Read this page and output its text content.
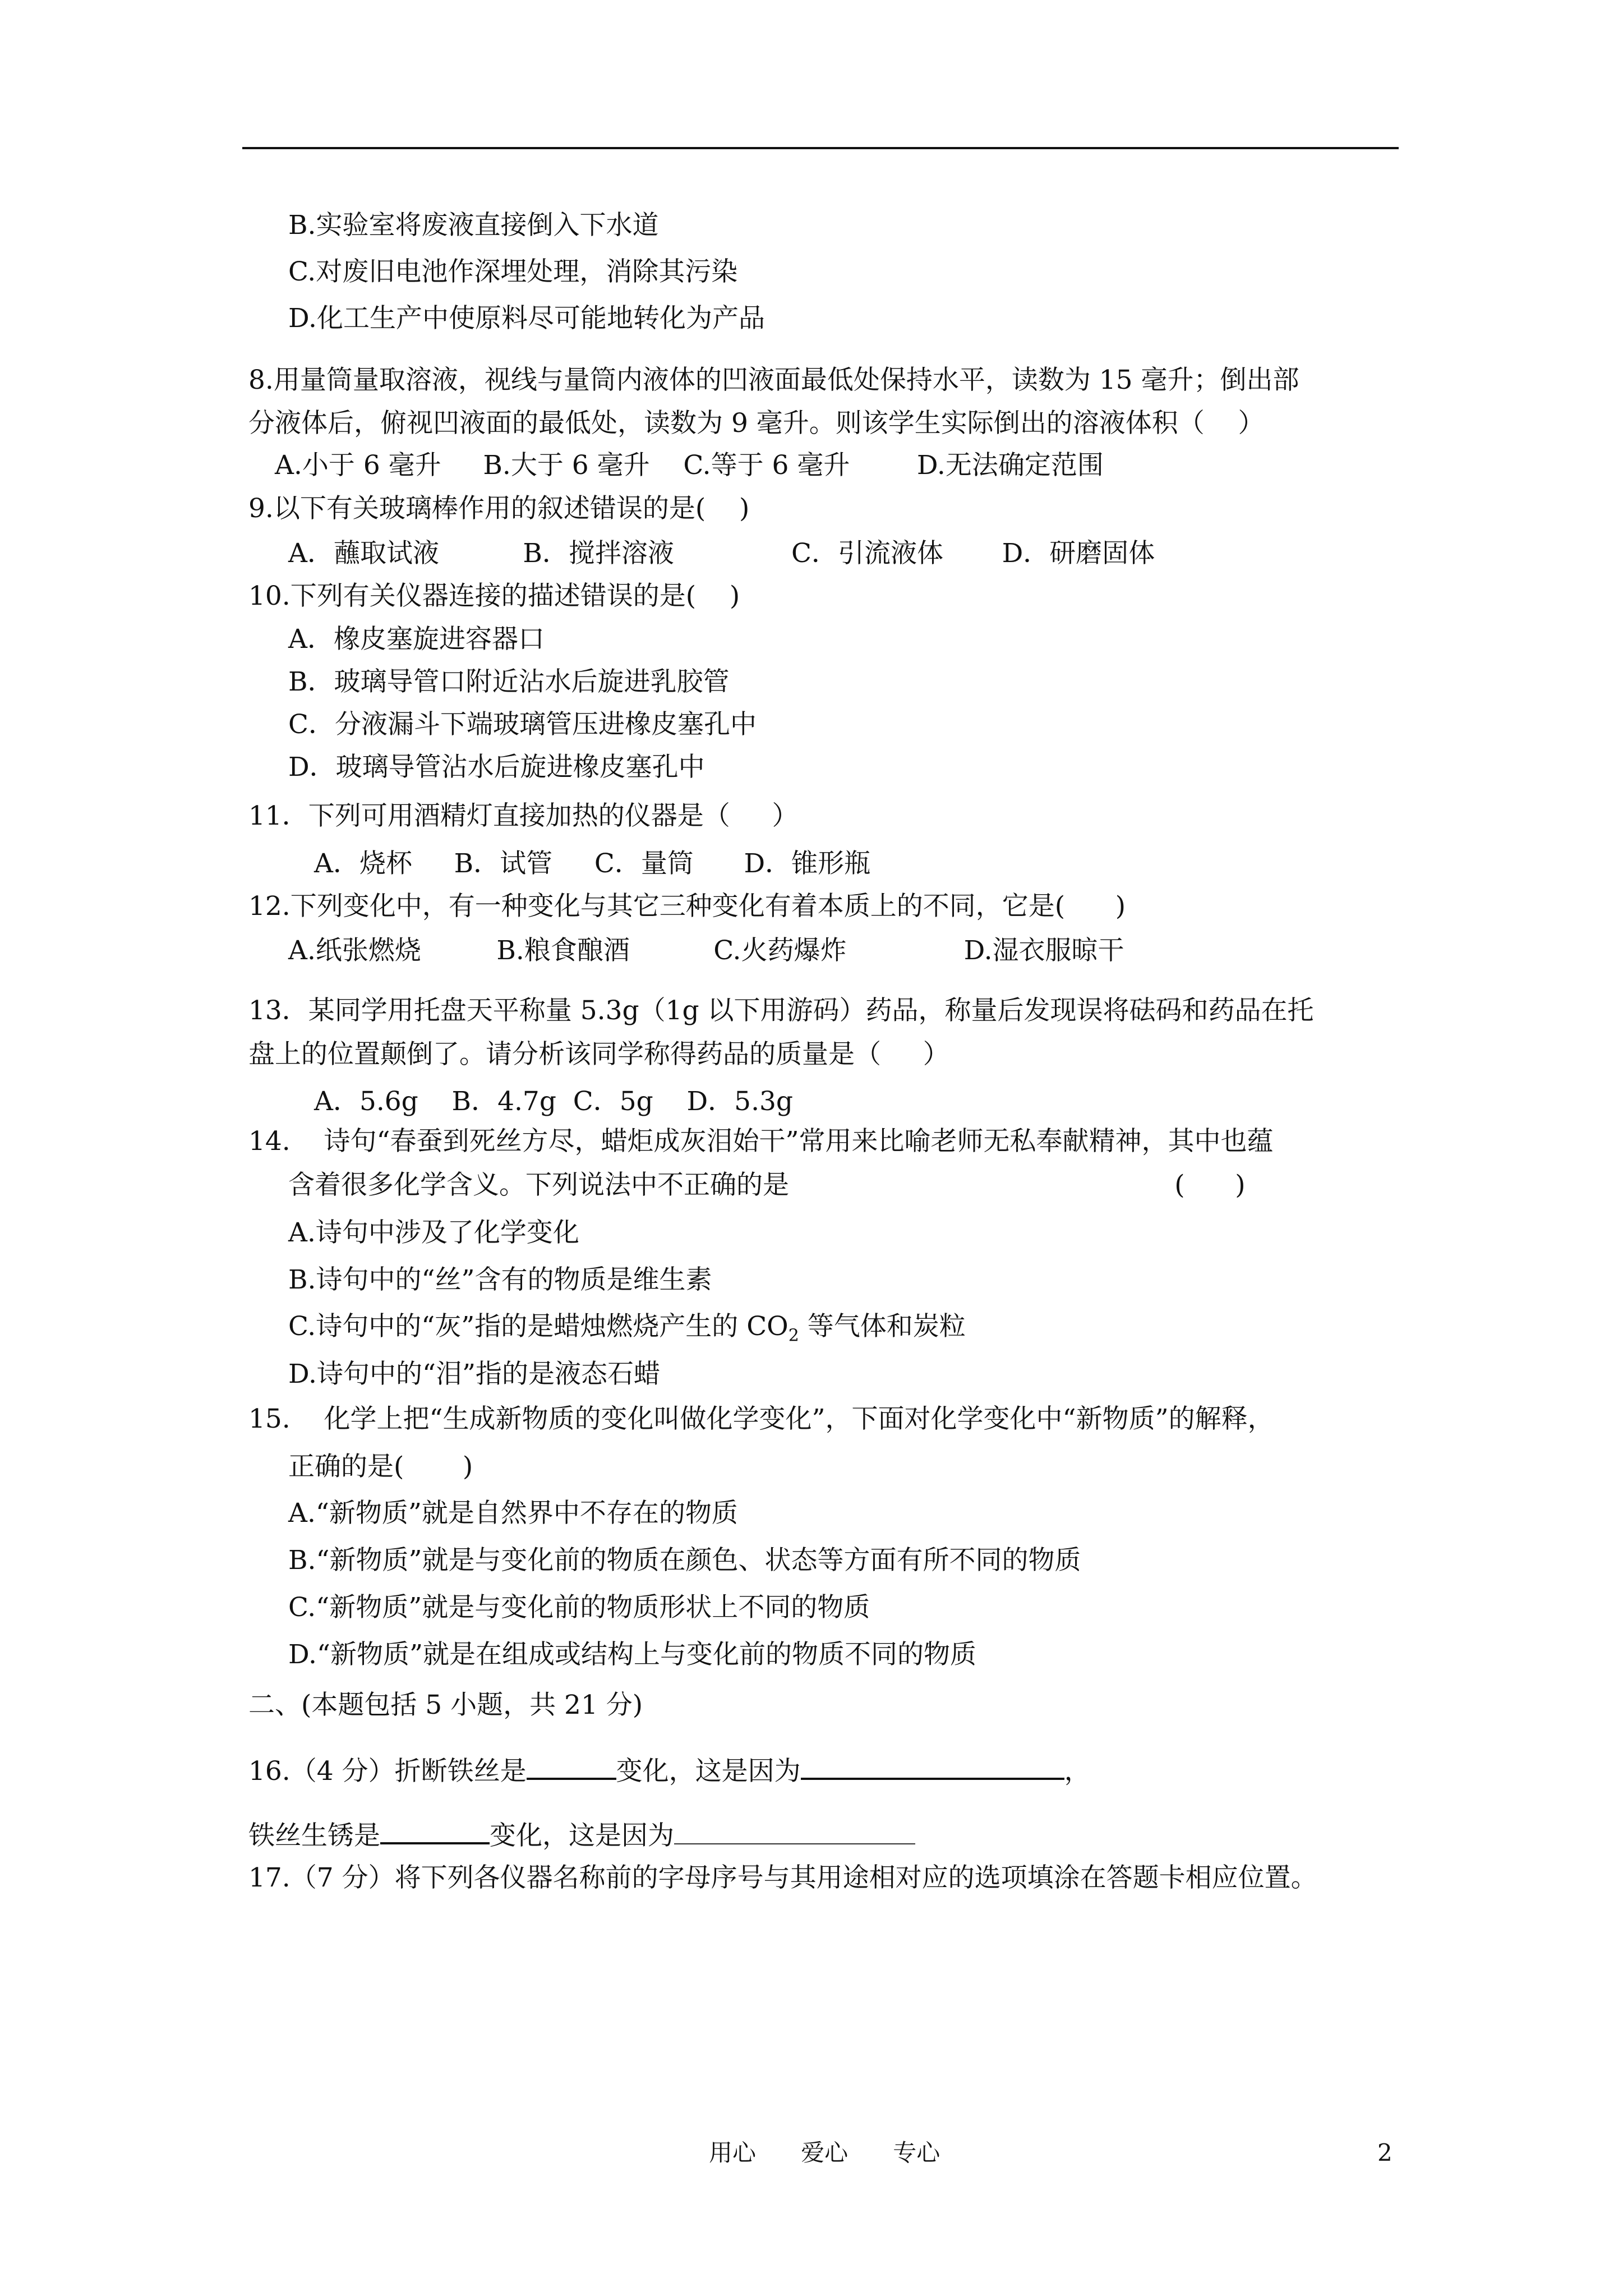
B.实验室将废液直接倒入下水道
C.对废旧电池作深埋处理，消除其污染
D.化工生产中使原料尽可能地转化为产品
8.用量筒量取溶液，视线与量筒内液体的凹液面最低处保持水平，读数为 15 毫升；倒出部
分液体后，俯视凹液面的最低处，读数为 9 毫升。则该学生实际倒出的溶液体积（    ）
A.小于 6 毫升     B.大于 6 毫升    C.等于 6 毫升        D.无法确定范围
9.以下有关玻璃棒作用的叙述错误的是(    )
A．蘸取试液          B．搅拌溶液              C．引流液体       D．研磨固体
10.下列有关仪器连接的描述错误的是(    )
A．橡皮塞旋进容器口
B．玻璃导管口附近沾水后旋进乳胶管
C．分液漏斗下端玻璃管压进橡皮塞孔中
D．玻璃导管沾水后旋进橡皮塞孔中
11．下列可用酒精灯直接加热的仪器是（     ）
A．烧杯     B．试管     C．量筒      D．锥形瓶
12.下列变化中，有一种变化与其它三种变化有着本质上的不同，它是(      )
A.纸张燃烧         B.粮食酿酒          C.火药爆炸              D.湿衣服晾干
13．某同学用托盘天平称量 5.3g（1g 以下用游码）药品，称量后发现误将砝码和药品在托
盘上的位置颠倒了。请分析该同学称得药品的质量是（     ）
A．5.6g    B．4.7g  C．5g    D．5.3g
14.    诗句“春蚕到死丝方尽，蜡炬成灰泪始干”常用来比喻老师无私奉献精神，其中也蕴
含着很多化学含义。下列说法中不正确的是                                              (      )
A.诗句中涉及了化学变化
B.诗句中的“丝”含有的物质是维生素
C.诗句中的“灰”指的是蜡烛燃烧产生的 $CO_2$ 等气体和炭粒
D.诗句中的“泪”指的是液态石蜡
15.    化学上把“生成新物质的变化叫做化学变化”，下面对化学变化中“新物质”的解释，
正确的是(       )
A.“新物质”就是自然界中不存在的物质
B.“新物质”就是与变化前的物质在颜色、状态等方面有所不同的物质
C.“新物质”就是与变化前的物质形状上不同的物质
D.“新物质”就是在组成或结构上与变化前的物质不同的物质
二、(本题包括 5 小题，共 21 分)
16.（4 分）折断铁丝是	变化，这是因为	，
铁丝生锈是	变化，这是因为
17.（7 分）将下列各仪器名称前的字母序号与其用途相对应的选项填涂在答题卡相应位置。
用心      爱心      专心	2
